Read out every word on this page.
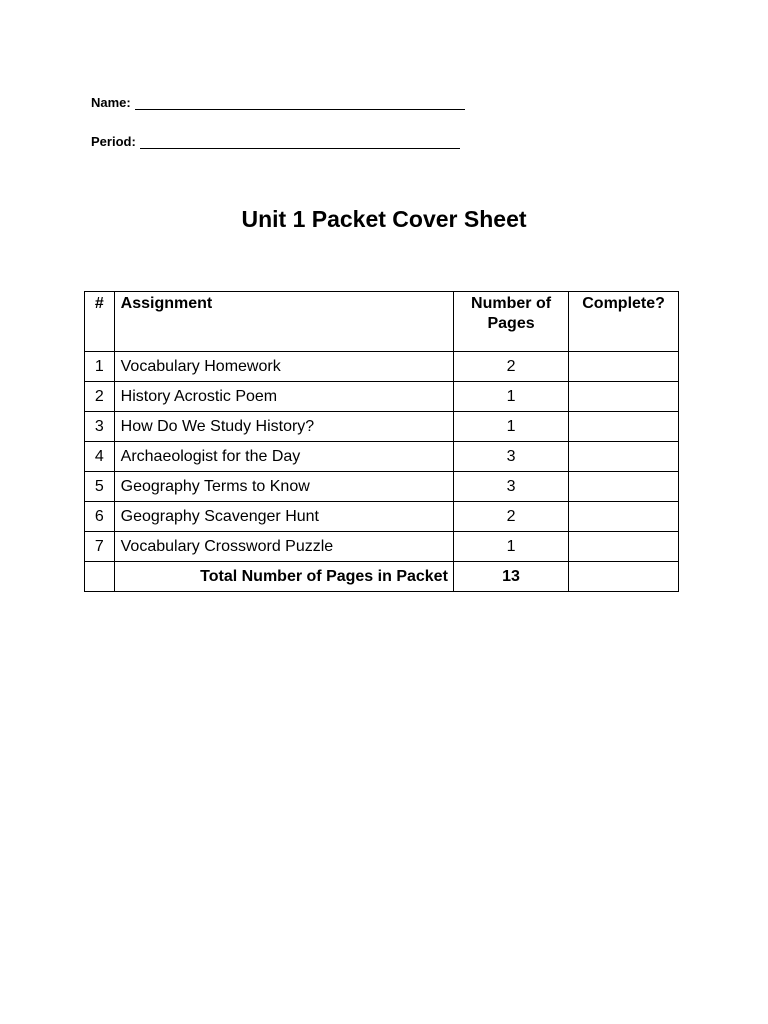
Name:
Period:
Unit 1 Packet Cover Sheet
#	Assignment	Number of Pages	Complete?
1	Vocabulary Homework	2	
2	History Acrostic Poem	1	
3	How Do We Study History?	1	
4	Archaeologist for the Day	3	
5	Geography Terms to Know	3	
6	Geography Scavenger Hunt	2	
7	Vocabulary Crossword Puzzle	1	
	Total Number of Pages in Packet	13	
